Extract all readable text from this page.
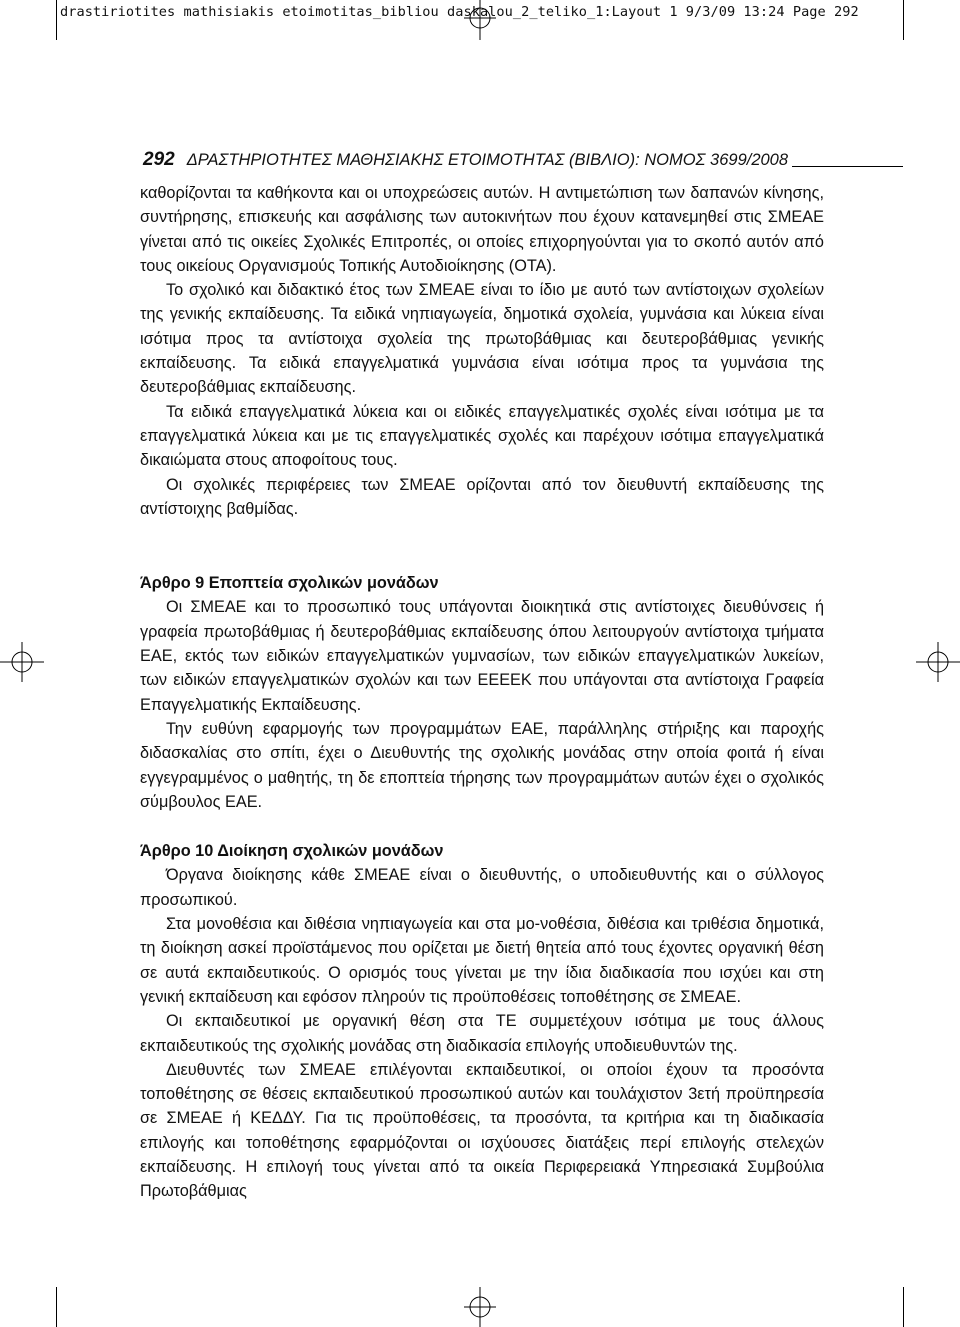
drastiriotites mathisiakis etoimotitas_bibliou daskalou_2_teliko_1:Layout 1 9/3/09 13:24 Page 292
292 ΔΡΑΣΤΗΡΙΟΤΗΤΕΣ ΜΑΘΗΣΙΑΚΗΣ ΕΤΟΙΜΟΤΗΤΑΣ (ΒΙΒΛΙΟ): ΝΟΜΟΣ 3699/2008

καθορίζονται τα καθήκοντα και οι υποχρεώσεις αυτών. Η αντιμετώπιση των δαπανών κίνησης, συντήρησης, επισκευής και ασφάλισης των αυτοκινήτων που έχουν κατανεμηθεί στις ΣΜΕΑΕ γίνεται από τις οικείες Σχολικές Επιτροπές, οι οποίες επιχορηγούνται για το σκοπό αυτόν από τους οικείους Οργανισμούς Τοπικής Αυτοδιοίκησης (ΟΤΑ).

Το σχολικό και διδακτικό έτος των ΣΜΕΑΕ είναι το ίδιο με αυτό των αντίστοιχων σχολείων της γενικής εκπαίδευσης. Τα ειδικά νηπιαγωγεία, δημοτικά σχολεία, γυμνάσια και λύκεια είναι ισότιμα προς τα αντίστοιχα σχολεία της πρωτοβάθμιας και δευτεροβάθμιας γενικής εκπαίδευσης. Τα ειδικά επαγγελματικά γυμνάσια είναι ισότιμα προς τα γυμνάσια της δευτεροβάθμιας εκπαίδευσης.

Τα ειδικά επαγγελματικά λύκεια και οι ειδικές επαγγελματικές σχολές είναι ισότιμα με τα επαγγελματικά λύκεια και με τις επαγγελματικές σχολές και παρέχουν ισότιμα επαγγελματικά δικαιώματα στους αποφοίτους τους.

Οι σχολικές περιφέρειες των ΣΜΕΑΕ ορίζονται από τον διευθυντή εκπαίδευσης της αντίστοιχης βαθμίδας.

Άρθρο 9 Εποπτεία σχολικών μονάδων

Οι ΣΜΕΑΕ και το προσωπικό τους υπάγονται διοικητικά στις αντίστοιχες διευθύνσεις ή γραφεία πρωτοβάθμιας ή δευτεροβάθμιας εκπαίδευσης όπου λειτουργούν αντίστοιχα τμήματα ΕΑΕ, εκτός των ειδικών επαγγελματικών γυμνασίων, των ειδικών επαγγελματικών λυκείων, των ειδικών επαγγελματικών σχολών και των ΕΕΕΕΚ που υπάγονται στα αντίστοιχα Γραφεία Επαγγελματικής Εκπαίδευσης.

Την ευθύνη εφαρμογής των προγραμμάτων ΕΑΕ, παράλληλης στήριξης και παροχής διδασκαλίας στο σπίτι, έχει ο Διευθυντής της σχολικής μονάδας στην οποία φοιτά ή είναι εγγεγραμμένος ο μαθητής, τη δε εποπτεία τήρησης των προγραμμάτων αυτών έχει ο σχολικός σύμβουλος ΕΑΕ.

Άρθρο 10 Διοίκηση σχολικών μονάδων

Όργανα διοίκησης κάθε ΣΜΕΑΕ είναι ο διευθυντής, ο υποδιευθυντής και ο σύλλογος προσωπικού.

Στα μονοθέσια και διθέσια νηπιαγωγεία και στα μο-νοθέσια, διθέσια και τριθέσια δημοτικά, τη διοίκηση ασκεί προϊστάμενος που ορίζεται με διετή θητεία από τους έχοντες οργανική θέση σε αυτά εκπαιδευτικούς. Ο ορισμός τους γίνεται με την ίδια διαδικασία που ισχύει και στη γενική εκπαίδευση και εφόσον πληρούν τις προϋποθέσεις τοποθέτησης σε ΣΜΕΑΕ.

Οι εκπαιδευτικοί με οργανική θέση στα ΤΕ συμμετέχουν ισότιμα με τους άλλους εκπαιδευτικούς της σχολικής μονάδας στη διαδικασία επιλογής υποδιευθυντών της.

Διευθυντές των ΣΜΕΑΕ επιλέγονται εκπαιδευτικοί, οι οποίοι έχουν τα προσόντα τοποθέτησης σε θέσεις εκπαιδευτικού προσωπικού αυτών και τουλάχιστον 3ετή προϋπηρεσία σε ΣΜΕΑΕ ή ΚΕΔΔΥ. Για τις προϋποθέσεις, τα προσόντα, τα κριτήρια και τη διαδικασία επιλογής και τοποθέτησης εφαρμόζονται οι ισχύουσες διατάξεις περί επιλογής στελεχών εκπαίδευσης. Η επιλογή τους γίνεται από τα οικεία Περιφερειακά Υπηρεσιακά Συμβούλια Πρωτοβάθμιας
